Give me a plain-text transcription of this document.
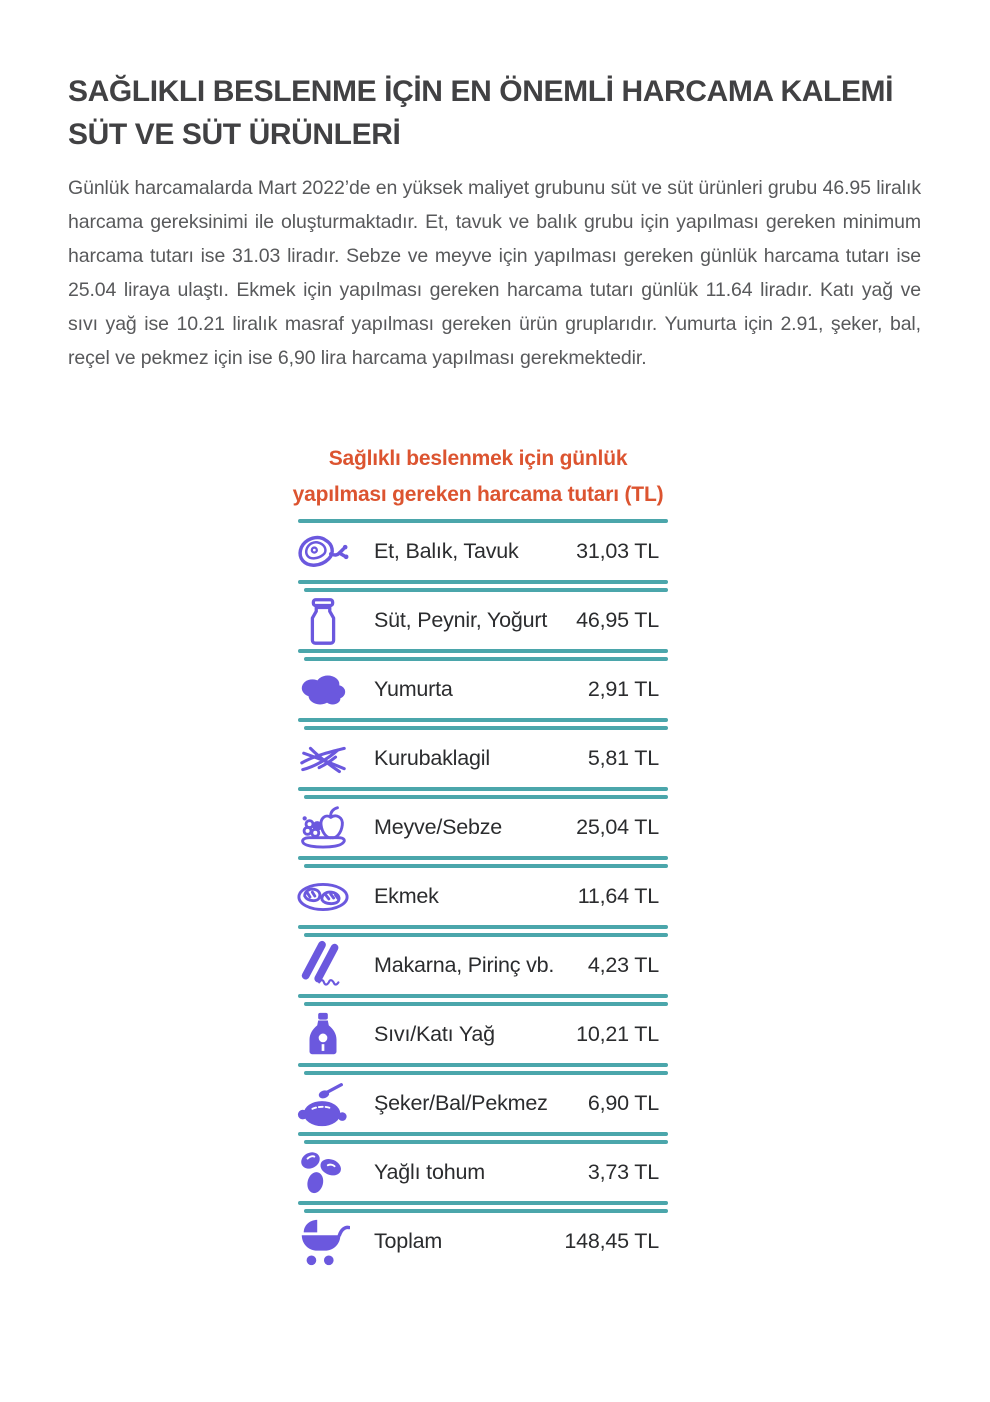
SAĞLIKLI BESLENME İÇİN EN ÖNEMLİ HARCAMA KALEMİ
SÜT VE SÜT ÜRÜNLERİ

Günlük harcamalarda Mart 2022’de en yüksek maliyet grubunu süt ve süt ürünleri grubu 46.95 liralık harcama gereksinimi ile oluşturmaktadır. Et, tavuk ve balık grubu için yapılması gereken minimum harcama tutarı ise 31.03 liradır. Sebze ve meyve için yapılması gereken günlük harcama tutarı ise 25.04 liraya ulaştı. Ekmek için yapılması gereken harcama tutarı günlük 11.64 liradır. Katı yağ ve sıvı yağ ise 10.21 liralık masraf yapılması gereken ürün gruplarıdır. Yumurta için 2.91, şeker, bal, reçel ve pekmez için ise 6,90 lira harcama yapılması gerekmektedir.

Sağlıklı beslenmek için günlük
yapılması gereken harcama tutarı (TL)
Et, Balık, Tavuk	31,03 TL
Süt, Peynir, Yoğurt	46,95 TL
Yumurta	2,91 TL
Kurubaklagil	5,81 TL
Meyve/Sebze	25,04 TL
Ekmek	11,64 TL
Makarna, Pirinç vb.	4,23 TL
Sıvı/Katı Yağ	10,21 TL
Şeker/Bal/Pekmez	6,90 TL
Yağlı tohum	3,73 TL
Toplam	148,45 TL
